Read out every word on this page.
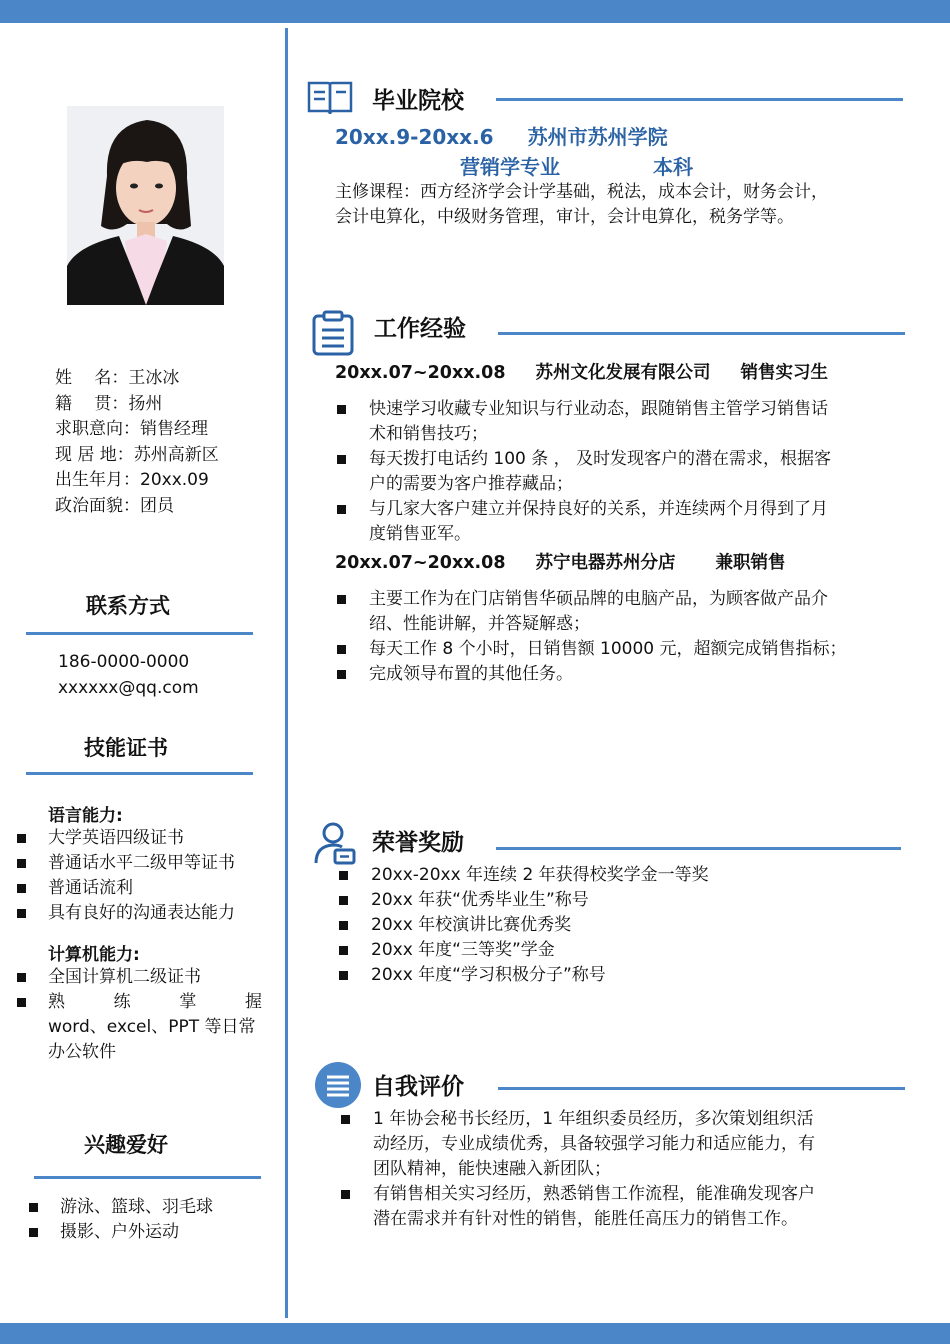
姓　 名：王冰冰
籍　 贯：扬州
求职意向：销售经理
现 居 地：苏州高新区
出生年月：20xx.09
政治面貌：团员
联系方式
186-0000-0000
xxxxxx@qq.com
技能证书
语言能力:
大学英语四级证书
普通话水平二级甲等证书
普通话流利
具有良好的沟通表达能力
计算机能力:
全国计算机二级证书
熟	练	掌	握
word、excel、PPT 等日常
办公软件
兴趣爱好
游泳、篮球、羽毛球
摄影、户外运动
毕业院校
20xx.9-20xx.6 苏州市苏州学院
营销学专业	本科
主修课程：西方经济学会计学基础，税法，成本会计，财务会计，
会计电算化，中级财务管理，审计，会计电算化，税务学等。
工作经验
20xx.07~20xx.08 苏州文化发展有限公司 销售实习生
快速学习收藏专业知识与行业动态，跟随销售主管学习销售话
术和销售技巧；
每天拨打电话约 100 条 ， 及时发现客户的潜在需求，根据客
户的需要为客户推荐藏品；
与几家大客户建立并保持良好的关系，并连续两个月得到了月
度销售亚军。
20xx.07~20xx.08 苏宁电器苏州分店 兼职销售
主要工作为在门店销售华硕品牌的电脑产品，为顾客做产品介
绍、性能讲解，并答疑解惑；
每天工作 8 个小时，日销售额 10000 元，超额完成销售指标；
完成领导布置的其他任务。
荣誉奖励
20xx-20xx 年连续 2 年获得校奖学金一等奖
20xx 年获“优秀毕业生”称号
20xx 年校演讲比赛优秀奖
20xx 年度“三等奖”学金
20xx 年度“学习积极分子”称号
自我评价
1 年协会秘书长经历，1 年组织委员经历，多次策划组织活
动经历，专业成绩优秀，具备较强学习能力和适应能力，有
团队精神，能快速融入新团队；
有销售相关实习经历，熟悉销售工作流程，能准确发现客户
潜在需求并有针对性的销售，能胜任高压力的销售工作。
